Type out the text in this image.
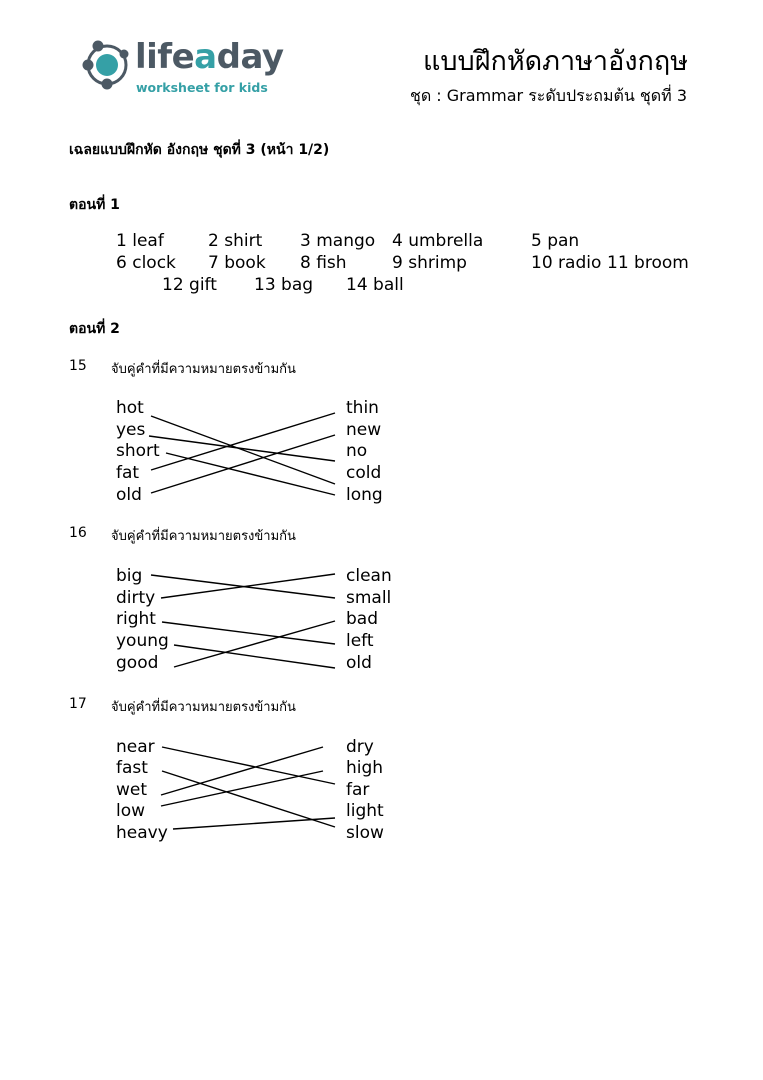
lifeaday
worksheet for kids
แบบฝึกหัดภาษาอังกฤษ
ชุด : Grammar ระดับประถมต้น ชุดที่ 3
เฉลยแบบฝึกหัด อังกฤษ ชุดที่ 3 (หน้า 1/2)
ตอนที่ 1
1 leaf	2 shirt 3 mango 4 umbrella	5 pan
6 clock 7 book 8 fish	9 shrimp	10 radio 11 broom
12 gift 13 bag 14 ball
ตอนที่ 2
15 จับคู่คำที่มีความหมายตรงข้ามกัน
hot
yes
short
fat
old
thin
new
no
cold
long
16 จับคู่คำที่มีความหมายตรงข้ามกัน
big
dirty
right
young
good
clean
small
bad
left
old
17 จับคู่คำที่มีความหมายตรงข้ามกัน
near
fast
wet
low
heavy
dry
high
far
light
slow
